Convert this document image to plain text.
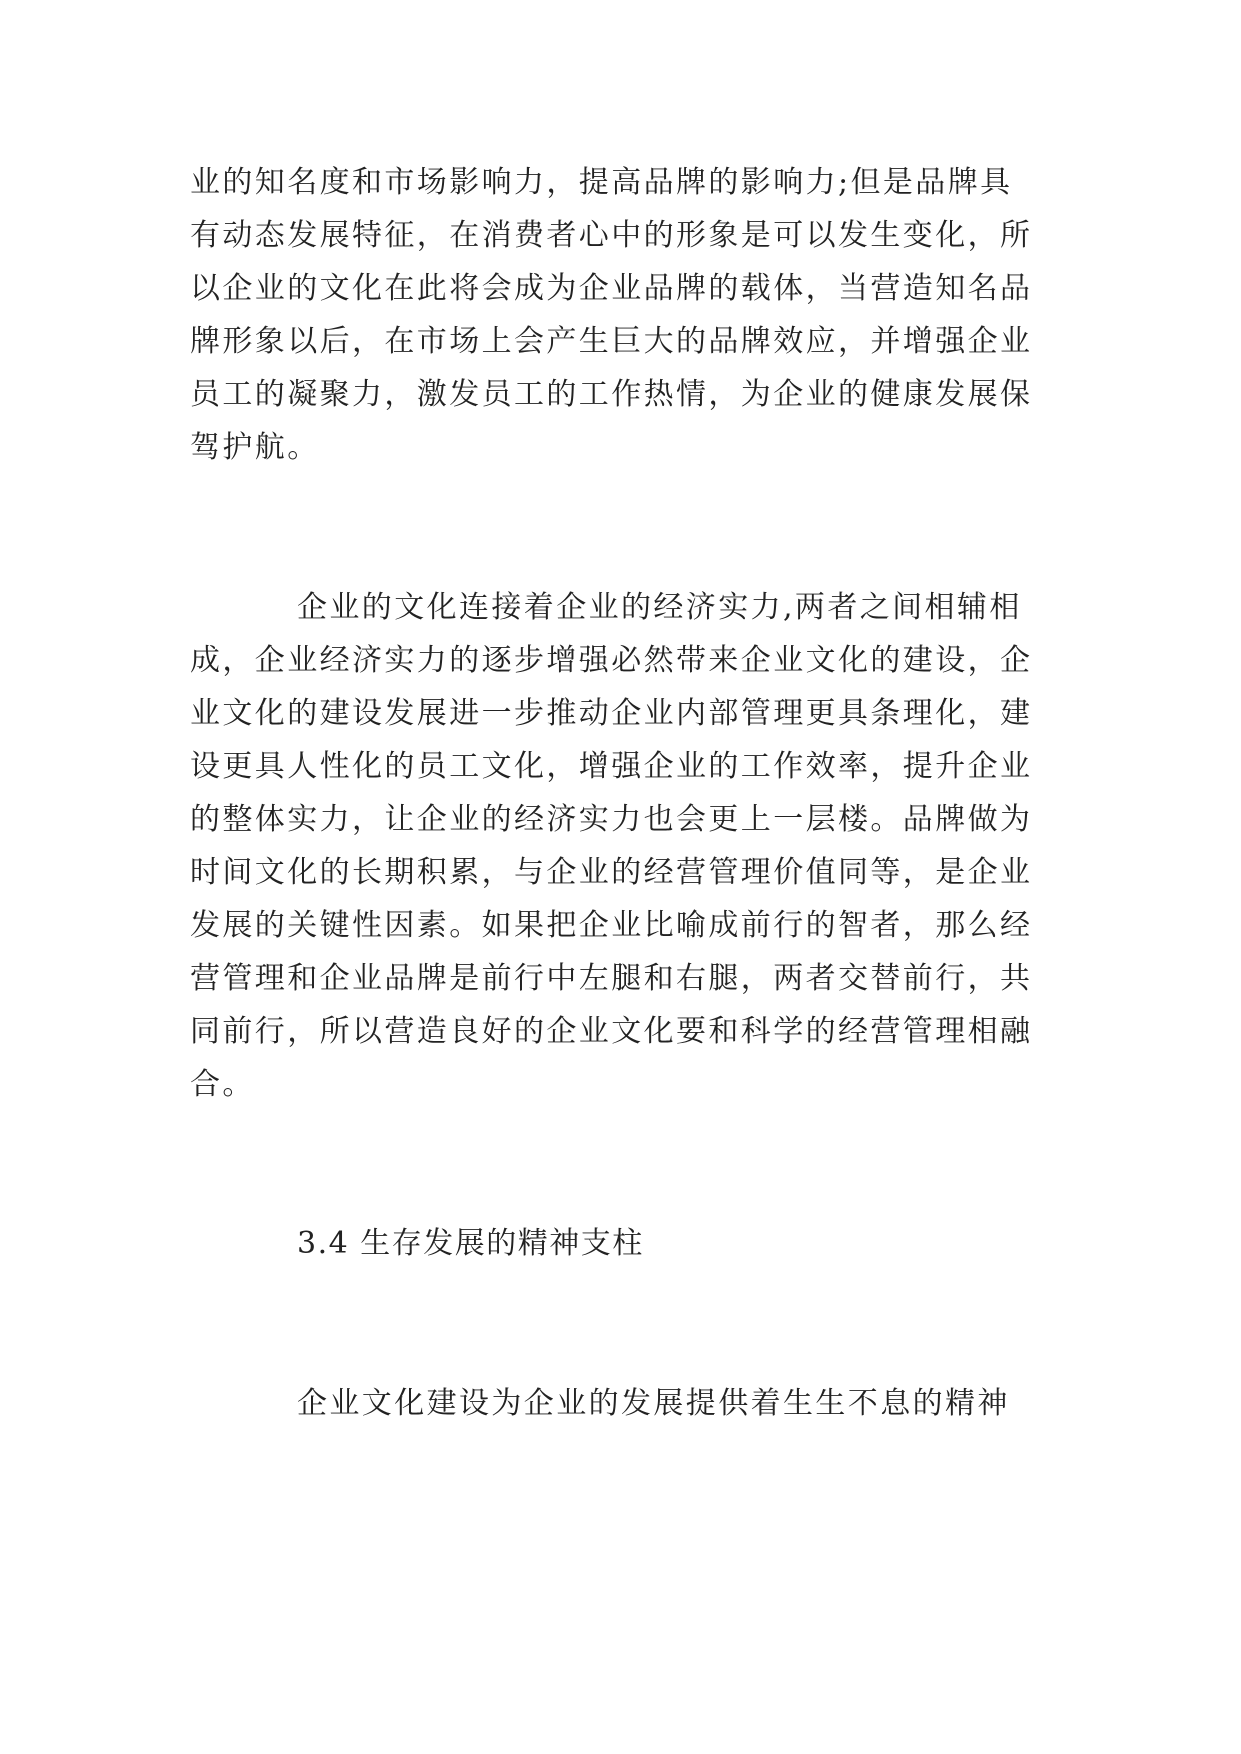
业的知名度和市场影响力，提高品牌的影响力;但是品牌具
有动态发展特征，在消费者心中的形象是可以发生变化，所
以企业的文化在此将会成为企业品牌的载体，当营造知名品
牌形象以后，在市场上会产生巨大的品牌效应，并增强企业
员工的凝聚力，激发员工的工作热情，为企业的健康发展保
驾护航。
企业的文化连接着企业的经济实力,两者之间相辅相
成，企业经济实力的逐步增强必然带来企业文化的建设，企
业文化的建设发展进一步推动企业内部管理更具条理化，建
设更具人性化的员工文化，增强企业的工作效率，提升企业
的整体实力，让企业的经济实力也会更上一层楼。品牌做为
时间文化的长期积累，与企业的经营管理价值同等，是企业
发展的关键性因素。如果把企业比喻成前行的智者，那么经
营管理和企业品牌是前行中左腿和右腿，两者交替前行，共
同前行，所以营造良好的企业文化要和科学的经营管理相融
合。
3.4 生存发展的精神支柱
企业文化建设为企业的发展提供着生生不息的精神
